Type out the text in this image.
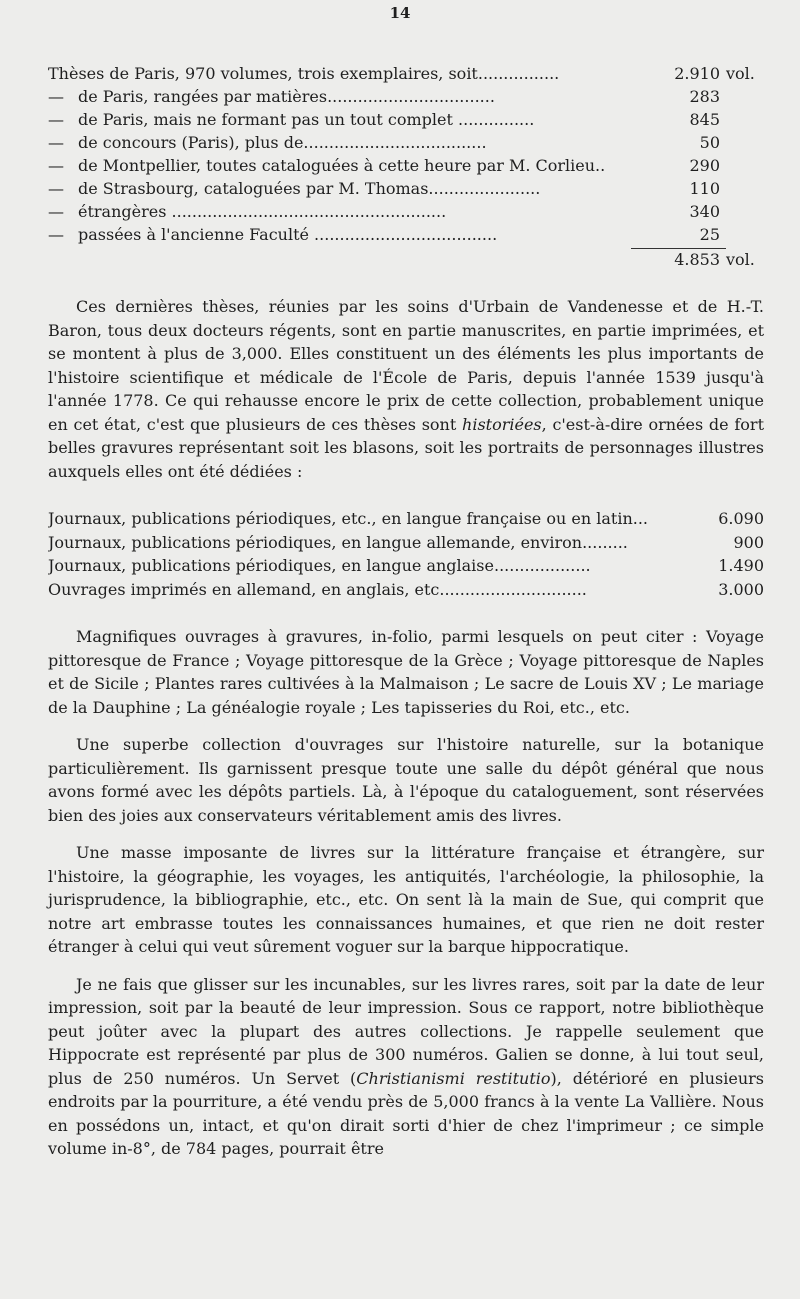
14
Thèses de Paris, 970 volumes, trois exemplaires, soit................	2.910 vol.
— de Paris, rangées par matières.................................	283
— de Paris, mais ne formant pas un tout complet ...............	845
— de concours (Paris), plus de....................................	50
— de Montpellier, toutes cataloguées à cette heure par M. Corlieu..	290
— de Strasbourg, cataloguées par M. Thomas......................	110
— étrangères ......................................................	340
— passées à l'ancienne Faculté ....................................	25
4.853 vol.

Ces dernières thèses, réunies par les soins d'Urbain de Vandenesse et de H.-T. Baron, tous deux docteurs régents, sont en partie manuscrites, en partie imprimées, et se montent à plus de 3,000. Elles constituent un des éléments les plus importants de l'histoire scientifique et médicale de l'École de Paris, depuis l'année 1539 jusqu'à l'année 1778. Ce qui rehausse encore le prix de cette collection, probablement unique en cet état, c'est que plusieurs de ces thèses sont historiées, c'est-à-dire ornées de fort belles gravures représentant soit les blasons, soit les portraits de personnages illustres auxquels elles ont été dédiées :

Journaux, publications périodiques, etc., en langue française ou en latin...	6.090
Journaux, publications périodiques, en langue allemande, environ.........	900
Journaux, publications périodiques, en langue anglaise...................	1.490
Ouvrages imprimés en allemand, en anglais, etc.............................	3.000

Magnifiques ouvrages à gravures, in-folio, parmi lesquels on peut citer : Voyage pittoresque de France ; Voyage pittoresque de la Grèce ; Voyage pittoresque de Naples et de Sicile ; Plantes rares cultivées à la Malmaison ; Le sacre de Louis XV ; Le mariage de la Dauphine ; La généalogie royale ; Les tapisseries du Roi, etc., etc.

Une superbe collection d'ouvrages sur l'histoire naturelle, sur la botanique particulièrement. Ils garnissent presque toute une salle du dépôt général que nous avons formé avec les dépôts partiels. Là, à l'époque du cataloguement, sont réservées bien des joies aux conservateurs véritablement amis des livres.

Une masse imposante de livres sur la littérature française et étrangère, sur l'histoire, la géographie, les voyages, les antiquités, l'archéologie, la philosophie, la jurisprudence, la bibliographie, etc., etc. On sent là la main de Sue, qui comprit que notre art embrasse toutes les connaissances humaines, et que rien ne doit rester étranger à celui qui veut sûrement voguer sur la barque hippocratique.

Je ne fais que glisser sur les incunables, sur les livres rares, soit par la date de leur impression, soit par la beauté de leur impression. Sous ce rapport, notre bibliothèque peut joûter avec la plupart des autres collections. Je rappelle seulement que Hippocrate est représenté par plus de 300 numéros. Galien se donne, à lui tout seul, plus de 250 numéros. Un Servet (Christianismi restitutio), détérioré en plusieurs endroits par la pourriture, a été vendu près de 5,000 francs à la vente La Vallière. Nous en possédons un, intact, et qu'on dirait sorti d'hier de chez l'imprimeur ; ce simple volume in-8°, de 784 pages, pourrait être
